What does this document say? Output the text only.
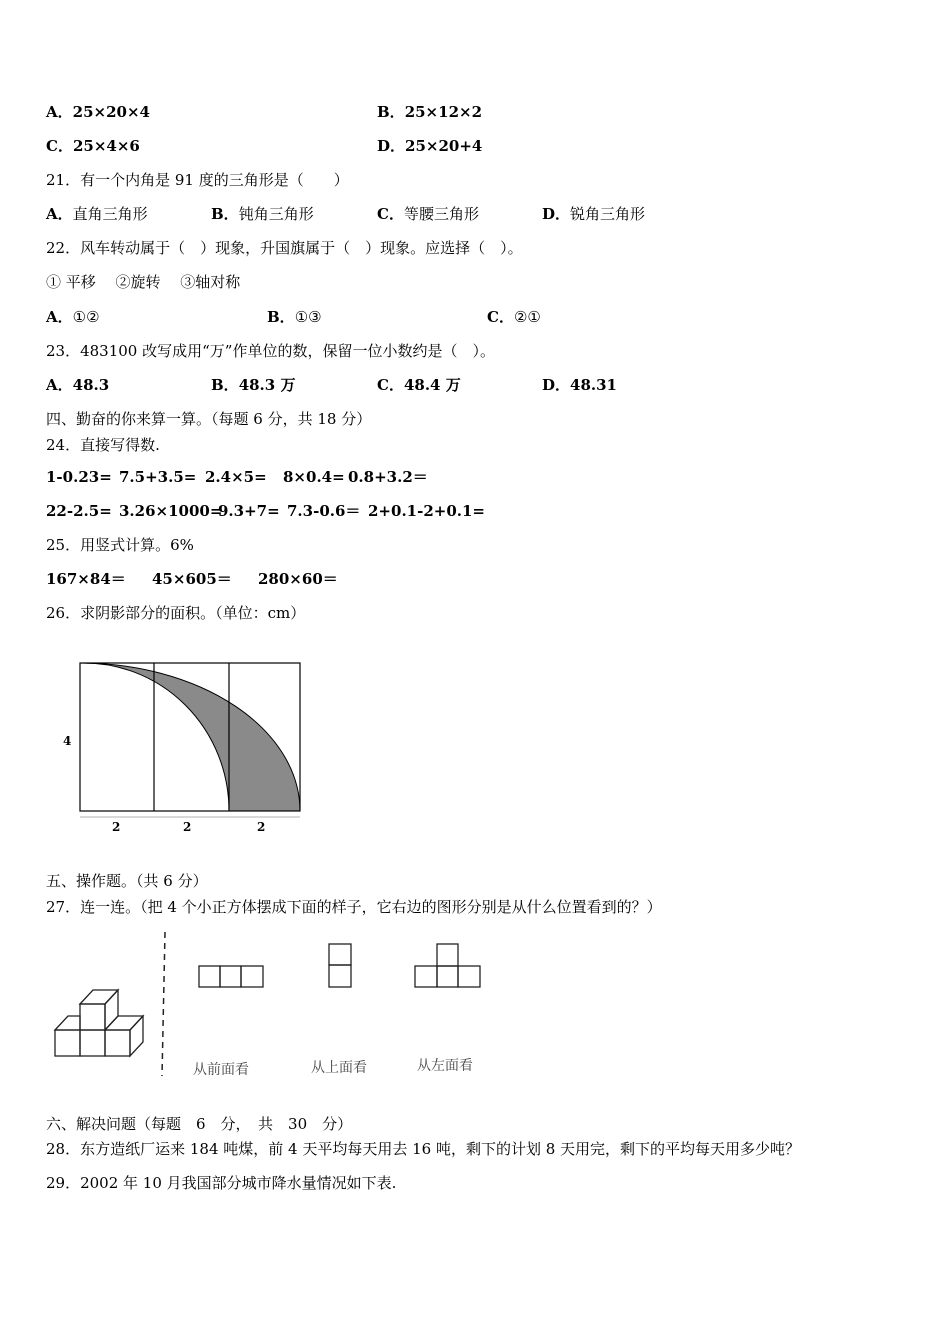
A．25×20×4	B．25×12×2
C．25×4×6	D．25×20+4
21．有一个内角是 91 度的三角形是（　　）
A．直角三角形	B．钝角三角形	C．等腰三角形	D．锐角三角形
22．风车转动属于（　）现象，升国旗属于（　）现象。应选择（　）。
① 平移　 ②旋转　 ③轴对称
A．①②	B．①③	C．②①
23．483100 改写成用“万”作单位的数，保留一位小数约是（　）。
A．48.3	B．48.3 万	C．48.4 万	D．48.31
四、勤奋的你来算一算。（每题 6 分，共 18 分）
24．直接写得数.
1-0.23= 7.5+3.5= 2.4×5= 8×0.4= 0.8+3.2＝
22-2.5= 3.26×1000=
9.3+7= 7.3-0.6＝ 2+0.1-2+0.1=
25．用竖式计算。6%
167×84＝ 45×605＝ 280×60＝
26．求阴影部分的面积。（单位：cm）
4
2	2	2
五、操作题。（共 6 分）
27．连一连。（把 4 个小正方体摆成下面的样子，它右边的图形分别是从什么位置看到的？）
从前面看	从上面看	从左面看
六、解决问题（每题　6　分，　共　30　分）
28．东方造纸厂运来 184 吨煤，前 4 天平均每天用去 16 吨，剩下的计划 8 天用完，剩下的平均每天用多少吨？
29．2002 年 10 月我国部分城市降水量情况如下表.
